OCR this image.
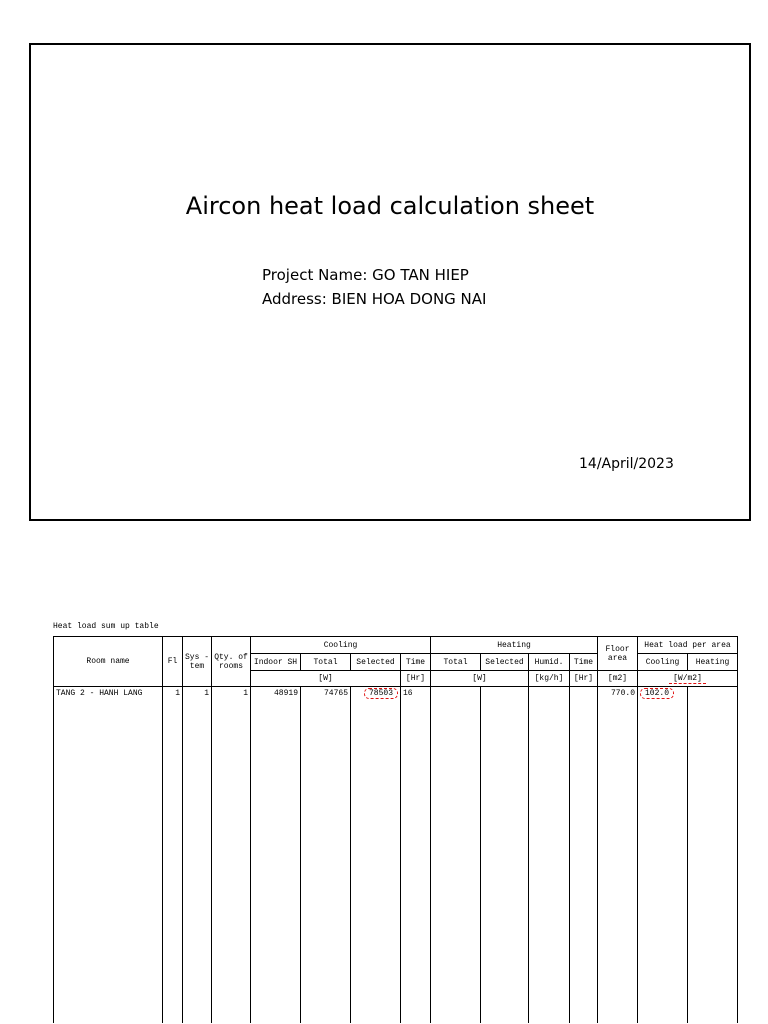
Aircon heat load calculation sheet
Project Name: GO TAN HIEP
Address: BIEN HOA DONG NAI
14/April/2023
Heat load sum up table
Room name	Fl	Sys -tem	Qty. of rooms	Cooling				Heating				Floor area	Heat load per area	
				Indoor SH	Total	Selected	Time	Total	Selected	Humid.	Time		Cooling	Heating
				[W]			[Hr]	[W]		[kg/h]	[Hr]	[m2]	[W/m2]	
TANG 2 - HANH LANG	1	1	1	48919	74765	78503	16					770.0	102.0	
